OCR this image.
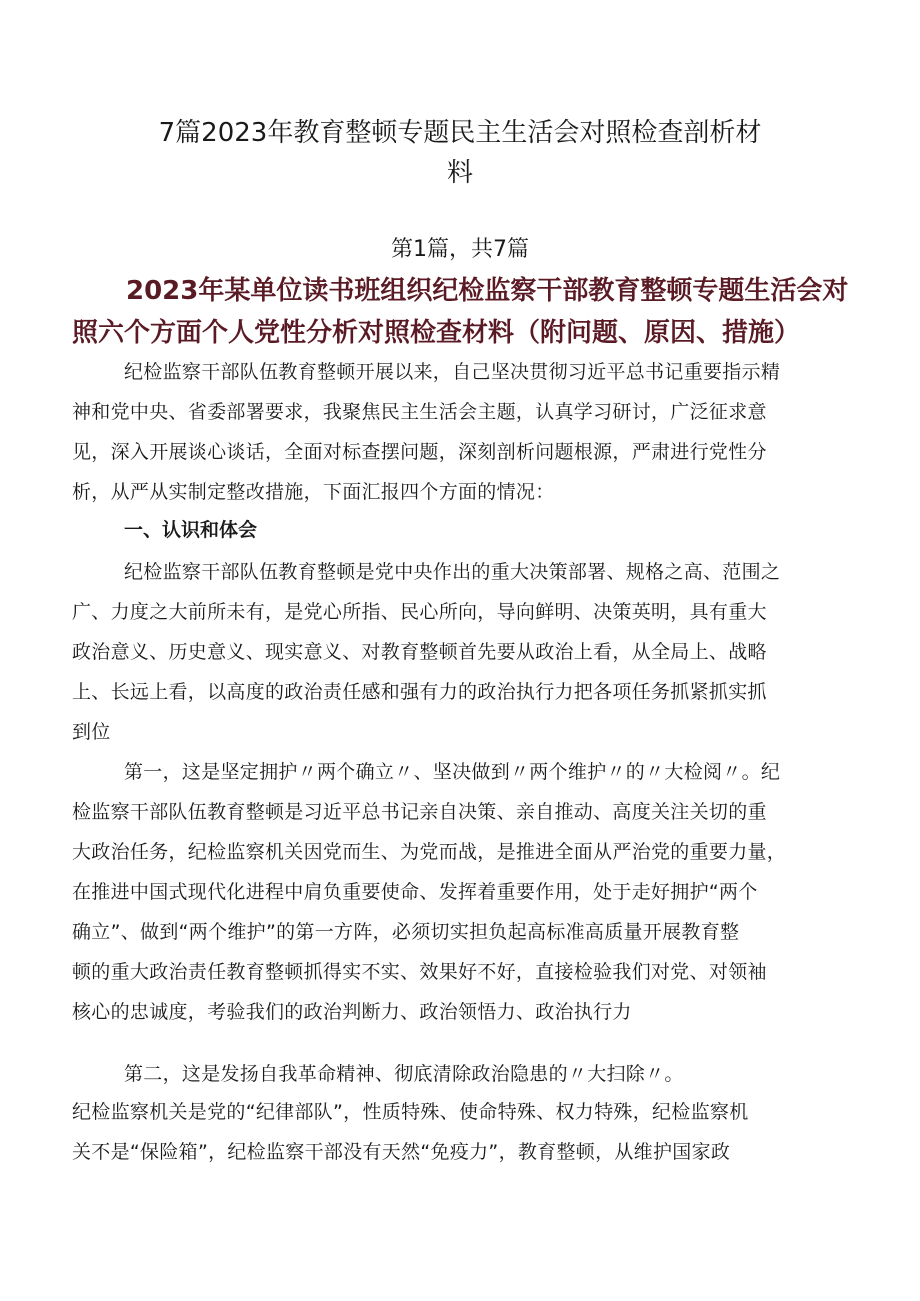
7篇2023年教育整顿专题民主生活会对照检查剖析材
料
第1篇，共7篇
2023年某单位读书班组织纪检监察干部教育整顿专题生活会对
照六个方面个人党性分析对照检查材料（附问题、原因、措施）
纪检监察干部队伍教育整顿开展以来，自己坚决贯彻习近平总书记重要指示精
神和党中央、省委部署要求，我聚焦民主生活会主题，认真学习研讨，广泛征求意
见，深入开展谈心谈话，全面对标查摆问题，深刻剖析问题根源，严肃进行党性分
析，从严从实制定整改措施，下面汇报四个方面的情况：
一、认识和体会
纪检监察干部队伍教育整顿是党中央作出的重大决策部署、规格之高、范围之
广、力度之大前所未有，是党心所指、民心所向，导向鲜明、决策英明，具有重大
政治意义、历史意义、现实意义、对教育整顿首先要从政治上看，从全局上、战略
上、长远上看，以高度的政治责任感和强有力的政治执行力把各项任务抓紧抓实抓
到位
第一，这是坚定拥护〃两个确立〃、坚决做到〃两个维护〃的〃大检阅〃。纪
检监察干部队伍教育整顿是习近平总书记亲自决策、亲自推动、高度关注关切的重
大政治任务，纪检监察机关因党而生、为党而战，是推进全面从严治党的重要力量，
在推进中国式现代化进程中肩负重要使命、发挥着重要作用，处于走好拥护“两个
确立”、做到“两个维护”的第一方阵，必须切实担负起高标准高质量开展教育整
顿的重大政治责任教育整顿抓得实不实、效果好不好，直接检验我们对党、对领袖
核心的忠诚度，考验我们的政治判断力、政治领悟力、政治执行力
第二，这是发扬自我革命精神、彻底清除政治隐患的〃大扫除〃。
纪检监察机关是党的“纪律部队”，性质特殊、使命特殊、权力特殊，纪检监察机
关不是“保险箱”，纪检监察干部没有天然“免疫力”，教育整顿，从维护国家政
